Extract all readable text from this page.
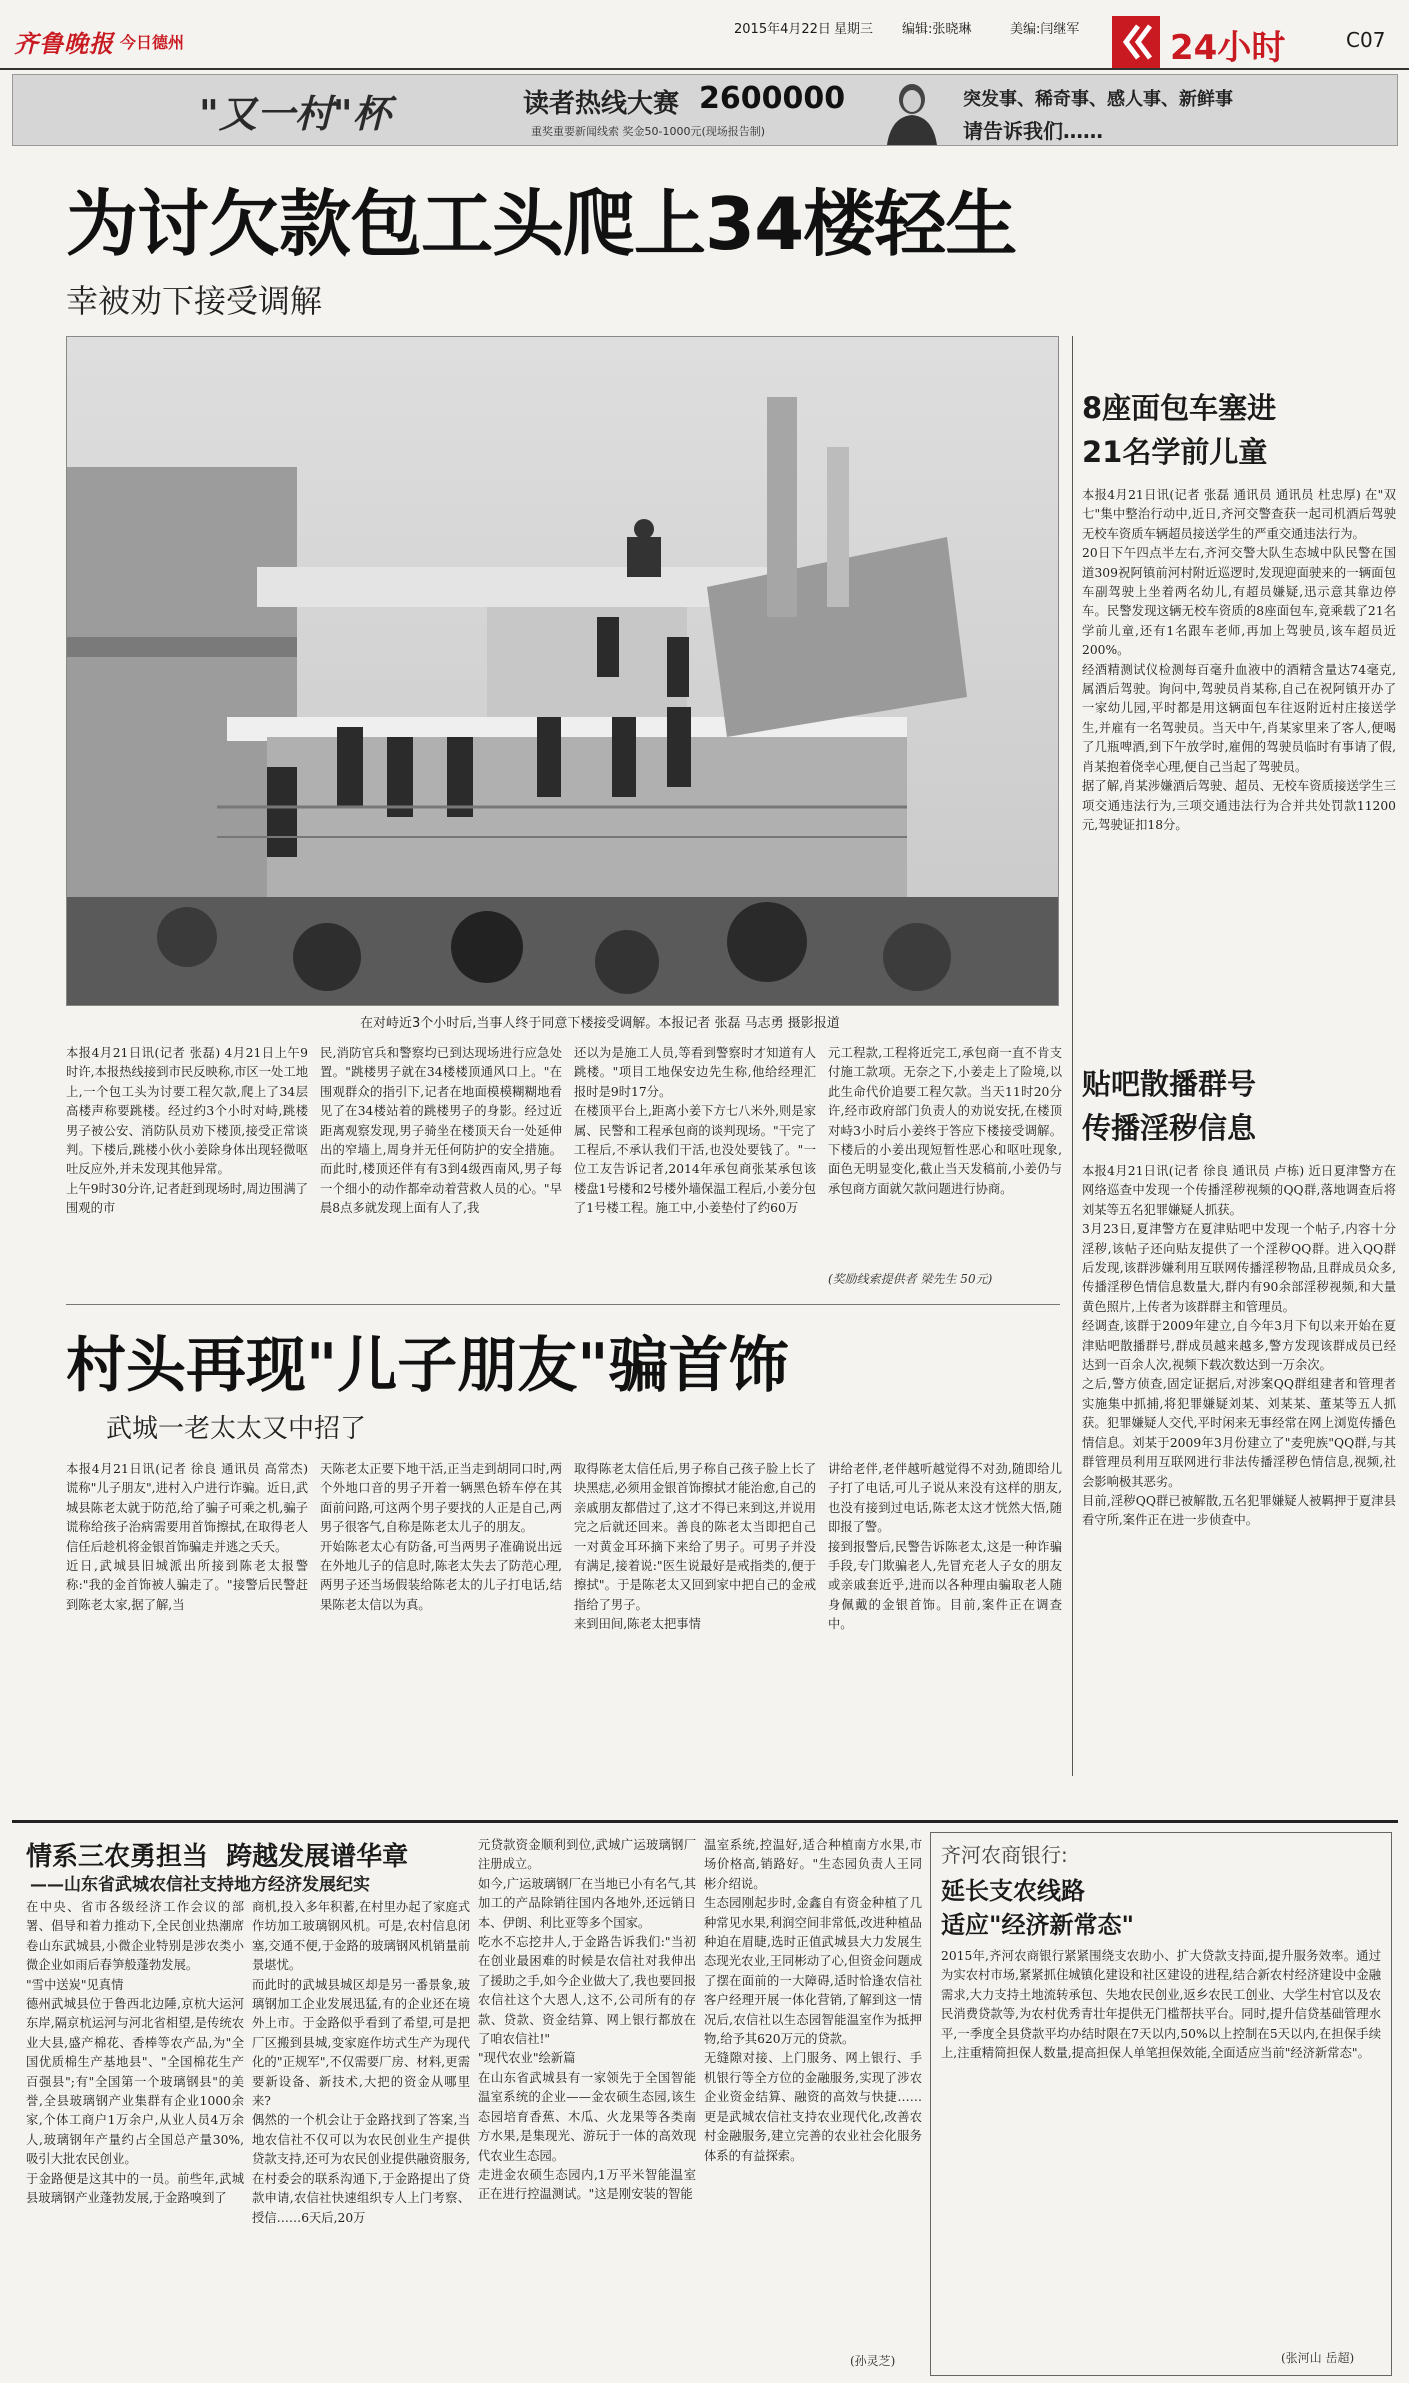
齐鲁晚报 今日德州
2015年4月22日 星期三 编辑:张晓琳	美编:闫继军	24小时	C07
"又一村"杯	读者热线大赛 2600000
重奖重要新闻线索 奖金50-1000元(现场报告制)
突发事、稀奇事、感人事、新鲜事
请告诉我们……
为讨欠款包工头爬上34楼轻生
幸被劝下接受调解
在对峙近3个小时后,当事人终于同意下楼接受调解。本报记者 张磊 马志勇 摄影报道
本报4月21日讯(记者 张磊) 4月21日上午9时许,本报热线接到市民反映称,市区一处工地上,一个包工头为讨要工程欠款,爬上了34层高楼声称要跳楼。经过约3个小时对峙,跳楼男子被公安、消防队员劝下楼顶,接受正常谈判。下楼后,跳楼小伙小姜除身体出现轻微呕吐反应外,并未发现其他异常。
上午9时30分许,记者赶到现场时,周边围满了围观的市
民,消防官兵和警察均已到达现场进行应急处置。"跳楼男子就在34楼楼顶通风口上。"在围观群众的指引下,记者在地面模模糊糊地看见了在34楼站着的跳楼男子的身影。经过近距离观察发现,男子骑坐在楼顶天台一处延伸出的窄墙上,周身并无任何防护的安全措施。而此时,楼顶还伴有有3到4级西南风,男子每一个细小的动作都牵动着营救人员的心。"早晨8点多就发现上面有人了,我
还以为是施工人员,等看到警察时才知道有人跳楼。"项目工地保安边先生称,他给经理汇报时是9时17分。
在楼顶平台上,距离小姜下方七八米外,则是家属、民警和工程承包商的谈判现场。"干完了工程后,不承认我们干活,也没处要钱了。"一位工友告诉记者,2014年承包商张某承包该楼盘1号楼和2号楼外墙保温工程后,小姜分包了1号楼工程。施工中,小姜垫付了约60万
元工程款,工程将近完工,承包商一直不肯支付施工款项。无奈之下,小姜走上了险境,以此生命代价追要工程欠款。当天11时20分许,经市政府部门负责人的劝说安抚,在楼顶对峙3小时后小姜终于答应下楼接受调解。下楼后的小姜出现短暂性恶心和呕吐现象,面色无明显变化,截止当天发稿前,小姜仍与承包商方面就欠款问题进行协商。
(奖励线索提供者 梁先生 50元)
村头再现"儿子朋友"骗首饰
武城一老太太又中招了
本报4月21日讯(记者 徐良 通讯员 高常杰) 谎称"儿子朋友",进村入户进行诈骗。近日,武城县陈老太就于防范,给了骗子可乘之机,骗子谎称给孩子治病需要用首饰擦拭,在取得老人信任后趁机将金银首饰骗走并逃之夭夭。
近日,武城县旧城派出所接到陈老太报警称:"我的金首饰被人骗走了。"接警后民警赶到陈老太家,据了解,当
天陈老太正要下地干活,正当走到胡同口时,两个外地口音的男子开着一辆黑色轿车停在其面前问路,可这两个男子要找的人正是自己,两男子很客气,自称是陈老太儿子的朋友。
开始陈老太心有防备,可当两男子准确说出远在外地儿子的信息时,陈老太失去了防范心理,两男子还当场假装给陈老太的儿子打电话,结果陈老太信以为真。
取得陈老太信任后,男子称自己孩子脸上长了块黑痣,必须用金银首饰擦拭才能治愈,自己的亲戚朋友都借过了,这才不得已来到这,并说用完之后就还回来。善良的陈老太当即把自己一对黄金耳环摘下来给了男子。可男子并没有满足,接着说:"医生说最好是戒指类的,便于擦拭"。于是陈老太又回到家中把自己的金戒指给了男子。
来到田间,陈老太把事情
讲给老伴,老伴越听越觉得不对劲,随即给儿子打了电话,可儿子说从来没有这样的朋友,也没有接到过电话,陈老太这才恍然大悟,随即报了警。
接到报警后,民警告诉陈老太,这是一种诈骗手段,专门欺骗老人,先冒充老人子女的朋友或亲戚套近乎,进而以各种理由骗取老人随身佩戴的金银首饰。目前,案件正在调查中。
8座面包车塞进
21名学前儿童
本报4月21日讯(记者 张磊 通讯员 通讯员 杜忠厚) 在"双七"集中整治行动中,近日,齐河交警查获一起司机酒后驾驶无校车资质车辆超员接送学生的严重交通违法行为。
20日下午四点半左右,齐河交警大队生态城中队民警在国道309祝阿镇前河村附近巡逻时,发现迎面驶来的一辆面包车副驾驶上坐着两名幼儿,有超员嫌疑,迅示意其靠边停车。民警发现这辆无校车资质的8座面包车,竟乘载了21名学前儿童,还有1名跟车老师,再加上驾驶员,该车超员近200%。
经酒精测试仪检测每百毫升血液中的酒精含量达74毫克,属酒后驾驶。询问中,驾驶员肖某称,自己在祝阿镇开办了一家幼儿园,平时都是用这辆面包车往返附近村庄接送学生,并雇有一名驾驶员。当天中午,肖某家里来了客人,便喝了几瓶啤酒,到下午放学时,雇佣的驾驶员临时有事请了假,肖某抱着侥幸心理,便自己当起了驾驶员。
据了解,肖某涉嫌酒后驾驶、超员、无校车资质接送学生三项交通违法行为,三项交通违法行为合并共处罚款11200元,驾驶证扣18分。
贴吧散播群号
传播淫秽信息
本报4月21日讯(记者 徐良 通讯员 卢栋) 近日夏津警方在网络巡查中发现一个传播淫秽视频的QQ群,落地调查后将刘某等五名犯罪嫌疑人抓获。
3月23日,夏津警方在夏津贴吧中发现一个帖子,内容十分淫秽,该帖子还向贴友提供了一个淫秽QQ群。进入QQ群后发现,该群涉嫌利用互联网传播淫秽物品,且群成员众多,传播淫秽色情信息数量大,群内有90余部淫秽视频,和大量黄色照片,上传者为该群群主和管理员。
经调查,该群于2009年建立,自今年3月下旬以来开始在夏津贴吧散播群号,群成员越来越多,警方发现该群成员已经达到一百余人次,视频下载次数达到一万余次。
之后,警方侦查,固定证据后,对涉案QQ群组建者和管理者实施集中抓捕,将犯罪嫌疑刘某、刘某某、董某等五人抓获。犯罪嫌疑人交代,平时闲来无事经常在网上浏览传播色情信息。刘某于2009年3月份建立了"麦兜族"QQ群,与其群管理员利用互联网进行非法传播淫秽色情信息,视频,社会影响极其恶劣。
目前,淫秽QQ群已被解散,五名犯罪嫌疑人被羁押于夏津县看守所,案件正在进一步侦查中。
情系三农勇担当  跨越发展谱华章
——山东省武城农信社支持地方经济发展纪实
在中央、省市各级经济工作会议的部署、倡导和着力推动下,全民创业热潮席卷山东武城县,小微企业特别是涉农类小微企业如雨后春笋般蓬勃发展。
"雪中送炭"见真情
德州武城县位于鲁西北边陲,京杭大运河东岸,隔京杭运河与河北省相望,是传统农业大县,盛产棉花、香棒等农产品,为"全国优质棉生产基地县"、"全国棉花生产百强县";有"全国第一个玻璃钢县"的美誉,全县玻璃钢产业集群有企业1000余家,个体工商户1万余户,从业人员4万余人,玻璃钢年产量约占全国总产量30%,吸引大批农民创业。
于金路便是这其中的一员。前些年,武城县玻璃钢产业蓬勃发展,于金路嗅到了
商机,投入多年积蓄,在村里办起了家庭式作坊加工玻璃钢风机。可是,农村信息闭塞,交通不便,于金路的玻璃钢风机销量前景堪忧。
而此时的武城县城区却是另一番景象,玻璃钢加工企业发展迅猛,有的企业还在境外上市。于金路似乎看到了希望,可是把厂区搬到县城,变家庭作坊式生产为现代化的"正规军",不仅需要厂房、材料,更需要新设备、新技术,大把的资金从哪里来?
偶然的一个机会让于金路找到了答案,当地农信社不仅可以为农民创业生产提供贷款支持,还可为农民创业提供融资服务,在村委会的联系沟通下,于金路提出了贷款申请,农信社快速组织专人上门考察、授信……6天后,20万
元贷款资金顺利到位,武城广运玻璃钢厂注册成立。
如今,广运玻璃钢厂在当地已小有名气,其加工的产品除销往国内各地外,还远销日本、伊朗、利比亚等多个国家。
吃水不忘挖井人,于金路告诉我们:"当初在创业最困难的时候是农信社对我伸出了援助之手,如今企业做大了,我也要回报农信社这个大恩人,这不,公司所有的存款、贷款、资金结算、网上银行都放在了咱农信社!"
"现代农业"绘新篇
在山东省武城县有一家领先于全国智能温室系统的企业——金农硕生态园,该生态园培育香蕉、木瓜、火龙果等各类南方水果,是集现光、游玩于一体的高效现代农业生态园。
走进金农硕生态园内,1万平米智能温室正在进行控温测试。"这是刚安装的智能
温室系统,控温好,适合种植南方水果,市场价格高,销路好。"生态园负责人王同彬介绍说。
生态园刚起步时,金鑫自有资金种植了几种常见水果,利润空间非常低,改进种植品种迫在眉睫,选时正值武城县大力发展生态现光农业,王同彬动了心,但资金问题成了摆在面前的一大障碍,适时恰逢农信社客户经理开展一体化营销,了解到这一情况后,农信社以生态园智能温室作为抵押物,给予其620万元的贷款。
无缝隙对接、上门服务、网上银行、手机银行等全方位的金融服务,实现了涉农企业资金结算、融资的高效与快捷……更是武城农信社支持农业现代化,改善农村金融服务,建立完善的农业社会化服务体系的有益探索。
(孙灵芝)
齐河农商银行:
延长支农线路
适应"经济新常态"
2015年,齐河农商银行紧紧围绕支农助小、扩大贷款支持面,提升服务效率。通过为实农村市场,紧紧抓住城镇化建设和社区建设的进程,结合新农村经济建设中金融需求,大力支持土地流转承包、失地农民创业,返乡农民工创业、大学生村官以及农民消费贷款等,为农村优秀青壮年提供无门槛帮扶平台。同时,提升信贷基础管理水平,一季度全县贷款平均办结时限在7天以内,50%以上控制在5天以内,在担保手续上,注重精简担保人数量,提高担保人单笔担保效能,全面适应当前"经济新常态"。
(张河山 岳超)
